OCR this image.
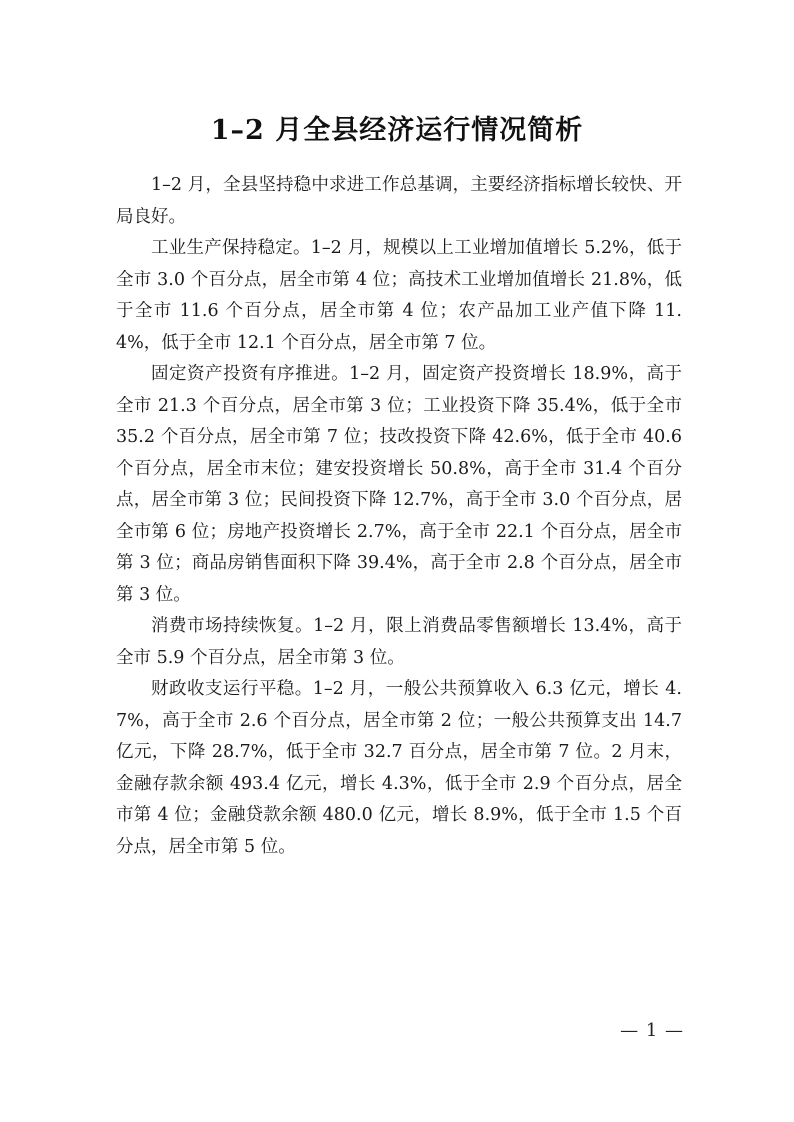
1–2 月全县经济运行情况简析

1–2 月，全县坚持稳中求进工作总基调，主要经济指标增长较快、开局良好。

工业生产保持稳定。1–2 月，规模以上工业增加值增长 5.2%，低于全市 3.0 个百分点，居全市第 4 位；高技术工业增加值增长 21.8%，低于全市 11.6 个百分点，居全市第 4 位；农产品加工业产值下降 11.4%，低于全市 12.1 个百分点，居全市第 7 位。

固定资产投资有序推进。1–2 月，固定资产投资增长 18.9%，高于全市 21.3 个百分点，居全市第 3 位；工业投资下降 35.4%，低于全市 35.2 个百分点，居全市第 7 位；技改投资下降 42.6%，低于全市 40.6 个百分点，居全市末位；建安投资增长 50.8%，高于全市 31.4 个百分点，居全市第 3 位；民间投资下降 12.7%，高于全市 3.0 个百分点，居全市第 6 位；房地产投资增长 2.7%，高于全市 22.1 个百分点，居全市第 3 位；商品房销售面积下降 39.4%，高于全市 2.8 个百分点，居全市第 3 位。

消费市场持续恢复。1–2 月，限上消费品零售额增长 13.4%，高于全市 5.9 个百分点，居全市第 3 位。

财政收支运行平稳。1–2 月，一般公共预算收入 6.3 亿元，增长 4.7%，高于全市 2.6 个百分点，居全市第 2 位；一般公共预算支出 14.7 亿元，下降 28.7%，低于全市 32.7 百分点，居全市第 7 位。2 月末，金融存款余额 493.4 亿元，增长 4.3%，低于全市 2.9 个百分点，居全市第 4 位；金融贷款余额 480.0 亿元，增长 8.9%，低于全市 1.5 个百分点，居全市第 5 位。

— 1 —
